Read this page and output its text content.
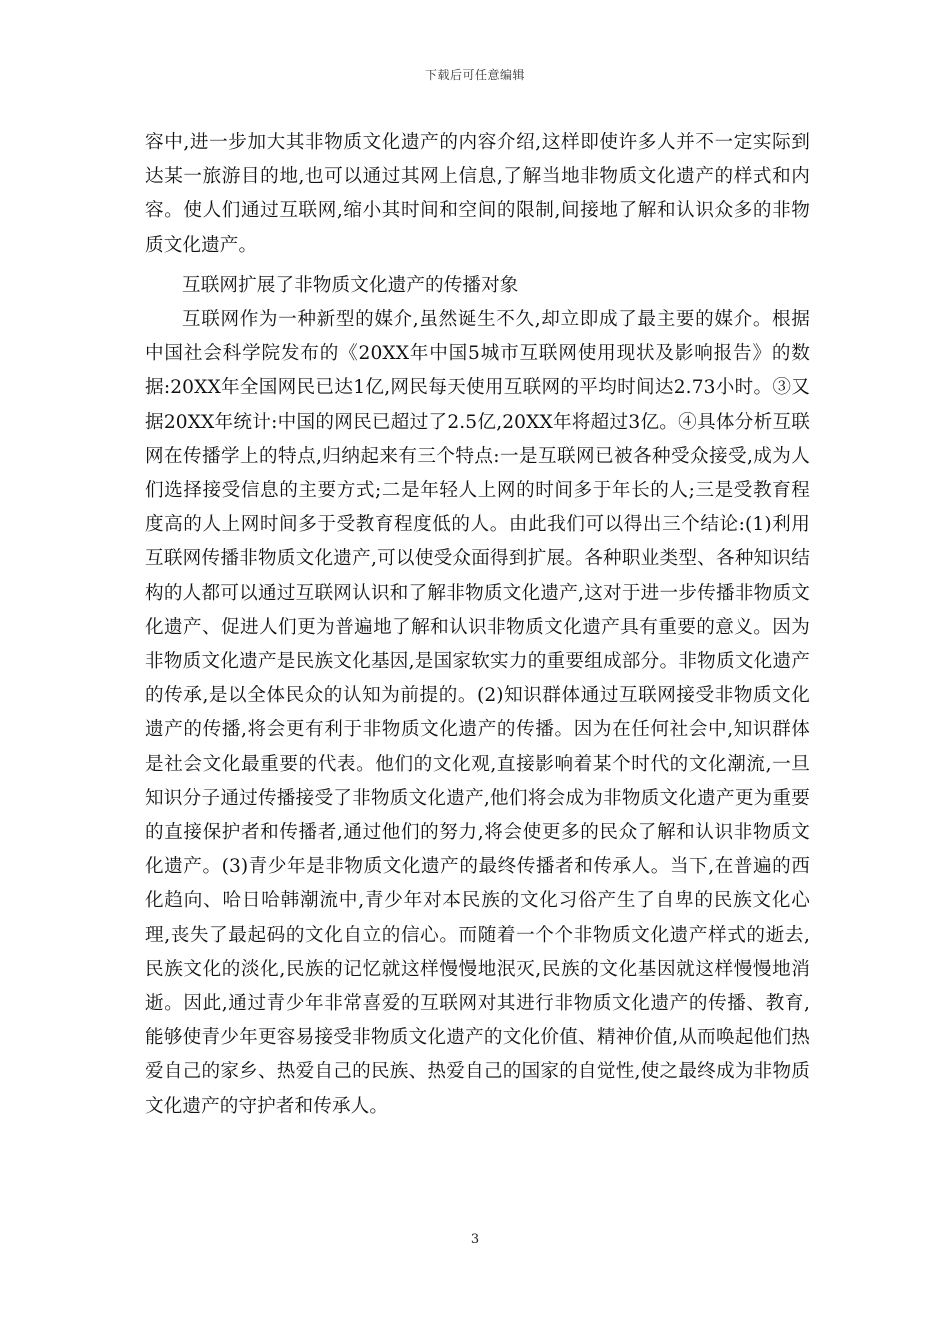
下载后可任意编辑

容中,进一步加大其非物质文化遗产的内容介绍,这样即使许多人并不一定实际到达某一旅游目的地,也可以通过其网上信息,了解当地非物质文化遗产的样式和内容。使人们通过互联网,缩小其时间和空间的限制,间接地了解和认识众多的非物质文化遗产。

互联网扩展了非物质文化遗产的传播对象

互联网作为一种新型的媒介,虽然诞生不久,却立即成了最主要的媒介。根据中国社会科学院发布的《20XX年中国5城市互联网使用现状及影响报告》的数据:20XX年全国网民已达1亿,网民每天使用互联网的平均时间达2.73小时。③又据20XX年统计:中国的网民已超过了2.5亿,20XX年将超过3亿。④具体分析互联网在传播学上的特点,归纳起来有三个特点:一是互联网已被各种受众接受,成为人们选择接受信息的主要方式;二是年轻人上网的时间多于年长的人;三是受教育程度高的人上网时间多于受教育程度低的人。由此我们可以得出三个结论:(1)利用互联网传播非物质文化遗产,可以使受众面得到扩展。各种职业类型、各种知识结构的人都可以通过互联网认识和了解非物质文化遗产,这对于进一步传播非物质文化遗产、促进人们更为普遍地了解和认识非物质文化遗产具有重要的意义。因为非物质文化遗产是民族文化基因,是国家软实力的重要组成部分。非物质文化遗产的传承,是以全体民众的认知为前提的。(2)知识群体通过互联网接受非物质文化遗产的传播,将会更有利于非物质文化遗产的传播。因为在任何社会中,知识群体是社会文化最重要的代表。他们的文化观,直接影响着某个时代的文化潮流,一旦知识分子通过传播接受了非物质文化遗产,他们将会成为非物质文化遗产更为重要的直接保护者和传播者,通过他们的努力,将会使更多的民众了解和认识非物质文化遗产。(3)青少年是非物质文化遗产的最终传播者和传承人。当下,在普遍的西化趋向、哈日哈韩潮流中,青少年对本民族的文化习俗产生了自卑的民族文化心理,丧失了最起码的文化自立的信心。而随着一个个非物质文化遗产样式的逝去,民族文化的淡化,民族的记忆就这样慢慢地泯灭,民族的文化基因就这样慢慢地消逝。因此,通过青少年非常喜爱的互联网对其进行非物质文化遗产的传播、教育,能够使青少年更容易接受非物质文化遗产的文化价值、精神价值,从而唤起他们热爱自己的家乡、热爱自己的民族、热爱自己的国家的自觉性,使之最终成为非物质文化遗产的守护者和传承人。

3
